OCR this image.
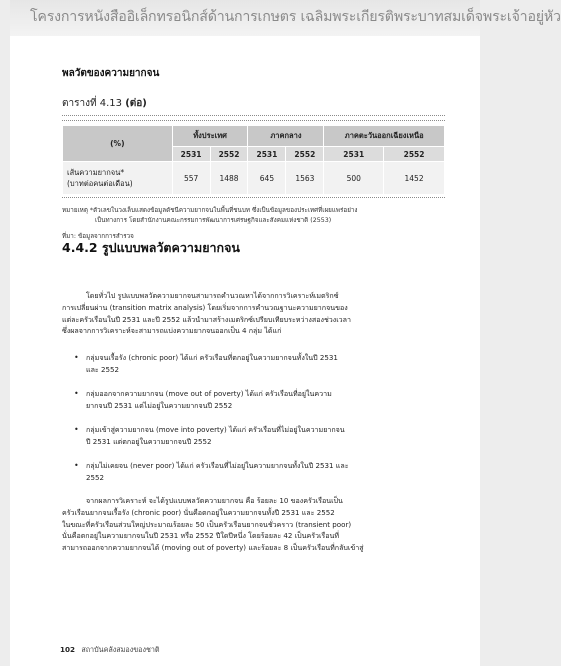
โครงการหนังสืออิเล็กทรอนิกส์ด้านการเกษตร เฉลิมพระเกียรติพระบาทสมเด็จพระเจ้าอยู่หัว
พลวัตของความยากจน
ตารางที่ 4.13 (ต่อ)
(%)	ทั้งประเทศ		ภาคกลาง		ภาคตะวันออกเฉียงเหนือ	
	2531	2552	2531	2552	2531	2552
เส้นความยากจน*
(บาทต่อคนต่อเดือน)	557	1488	645	1563	500	1452
หมายเหตุ *ตัวเลขในวงเล็บแสดงข้อมูลดัชนีความยากจนในพื้นที่ชนบท ซึ่งเป็นข้อมูลของประเทศที่เผยแพร่อย่าง
เป็นทางการ โดยสำนักงานคณะกรรมการพัฒนาการเศรษฐกิจและสังคมแห่งชาติ (2553)
ที่มา: ข้อมูลจากการสำรวจ
4.4.2 รูปแบบพลวัตความยากจน
โดยทั่วไป รูปแบบพลวัตความยากจนสามารถคำนวณหาได้จากการวิเคราะห์เมตริกซ์
การเปลี่ยนผ่าน (transition matrix analysis) โดยเริ่มจากการคำนวณฐานะความยากจนของ
แต่ละครัวเรือนในปี 2531 และปี 2552 แล้วนำมาสร้างเมตริกซ์เปรียบเทียบระหว่างสองช่วงเวลา
ซึ่งผลจากการวิเคราะห์จะสามารถแบ่งความยากจนออกเป็น 4 กลุ่ม ได้แก่
• กลุ่มจนเรื้อรัง (chronic poor) ได้แก่ ครัวเรือนที่ตกอยู่ในความยากจนทั้งในปี 2531
และ 2552
• กลุ่มออกจากความยากจน (move out of poverty) ได้แก่ ครัวเรือนที่อยู่ในความ
ยากจนปี 2531 แต่ไม่อยู่ในความยากจนปี 2552
• กลุ่มเข้าสู่ความยากจน (move into poverty) ได้แก่ ครัวเรือนที่ไม่อยู่ในความยากจน
ปี 2531 แต่ตกอยู่ในความยากจนปี 2552
• กลุ่มไม่เคยจน (never poor) ได้แก่ ครัวเรือนที่ไม่อยู่ในความยากจนทั้งในปี 2531 และ
2552
จากผลการวิเคราะห์ จะได้รูปแบบพลวัตความยากจน คือ ร้อยละ 10 ของครัวเรือนเป็น
ครัวเรือนยากจนเรื้อรัง (chronic poor) นั่นคือตกอยู่ในความยากจนทั้งปี 2531 และ 2552
ในขณะที่ครัวเรือนส่วนใหญ่ประมาณร้อยละ 50 เป็นครัวเรือนยากจนชั่วคราว (transient poor)
นั่นคือตกอยู่ในความยากจนในปี 2531 หรือ 2552 ปีใดปีหนึ่ง โดยร้อยละ 42 เป็นครัวเรือนที่
สามารถออกจากความยากจนได้ (moving out of poverty) และร้อยละ 8 เป็นครัวเรือนที่กลับเข้าสู่
102 สถาบันคลังสมองของชาติ
